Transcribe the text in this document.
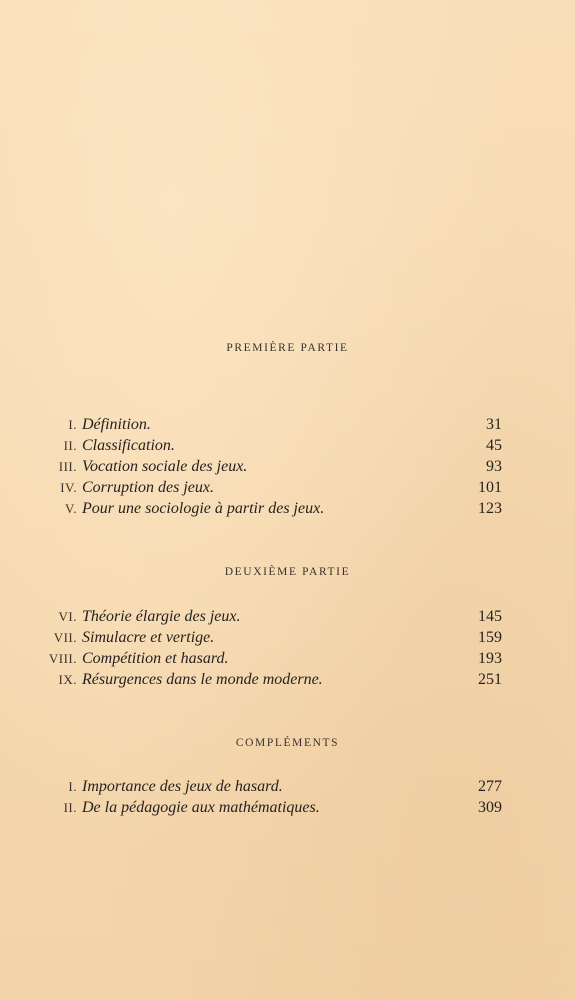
PREMIÈRE PARTIE
I. Définition.	31
II. Classification.	45
III. Vocation sociale des jeux.	93
IV. Corruption des jeux.	101
V. Pour une sociologie à partir des jeux.	123
DEUXIÈME PARTIE
VI. Théorie élargie des jeux.	145
VII. Simulacre et vertige.	159
VIII. Compétition et hasard.	193
IX. Résurgences dans le monde moderne.	251
COMPLÉMENTS
I. Importance des jeux de hasard.	277
II. De la pédagogie aux mathématiques.	309
